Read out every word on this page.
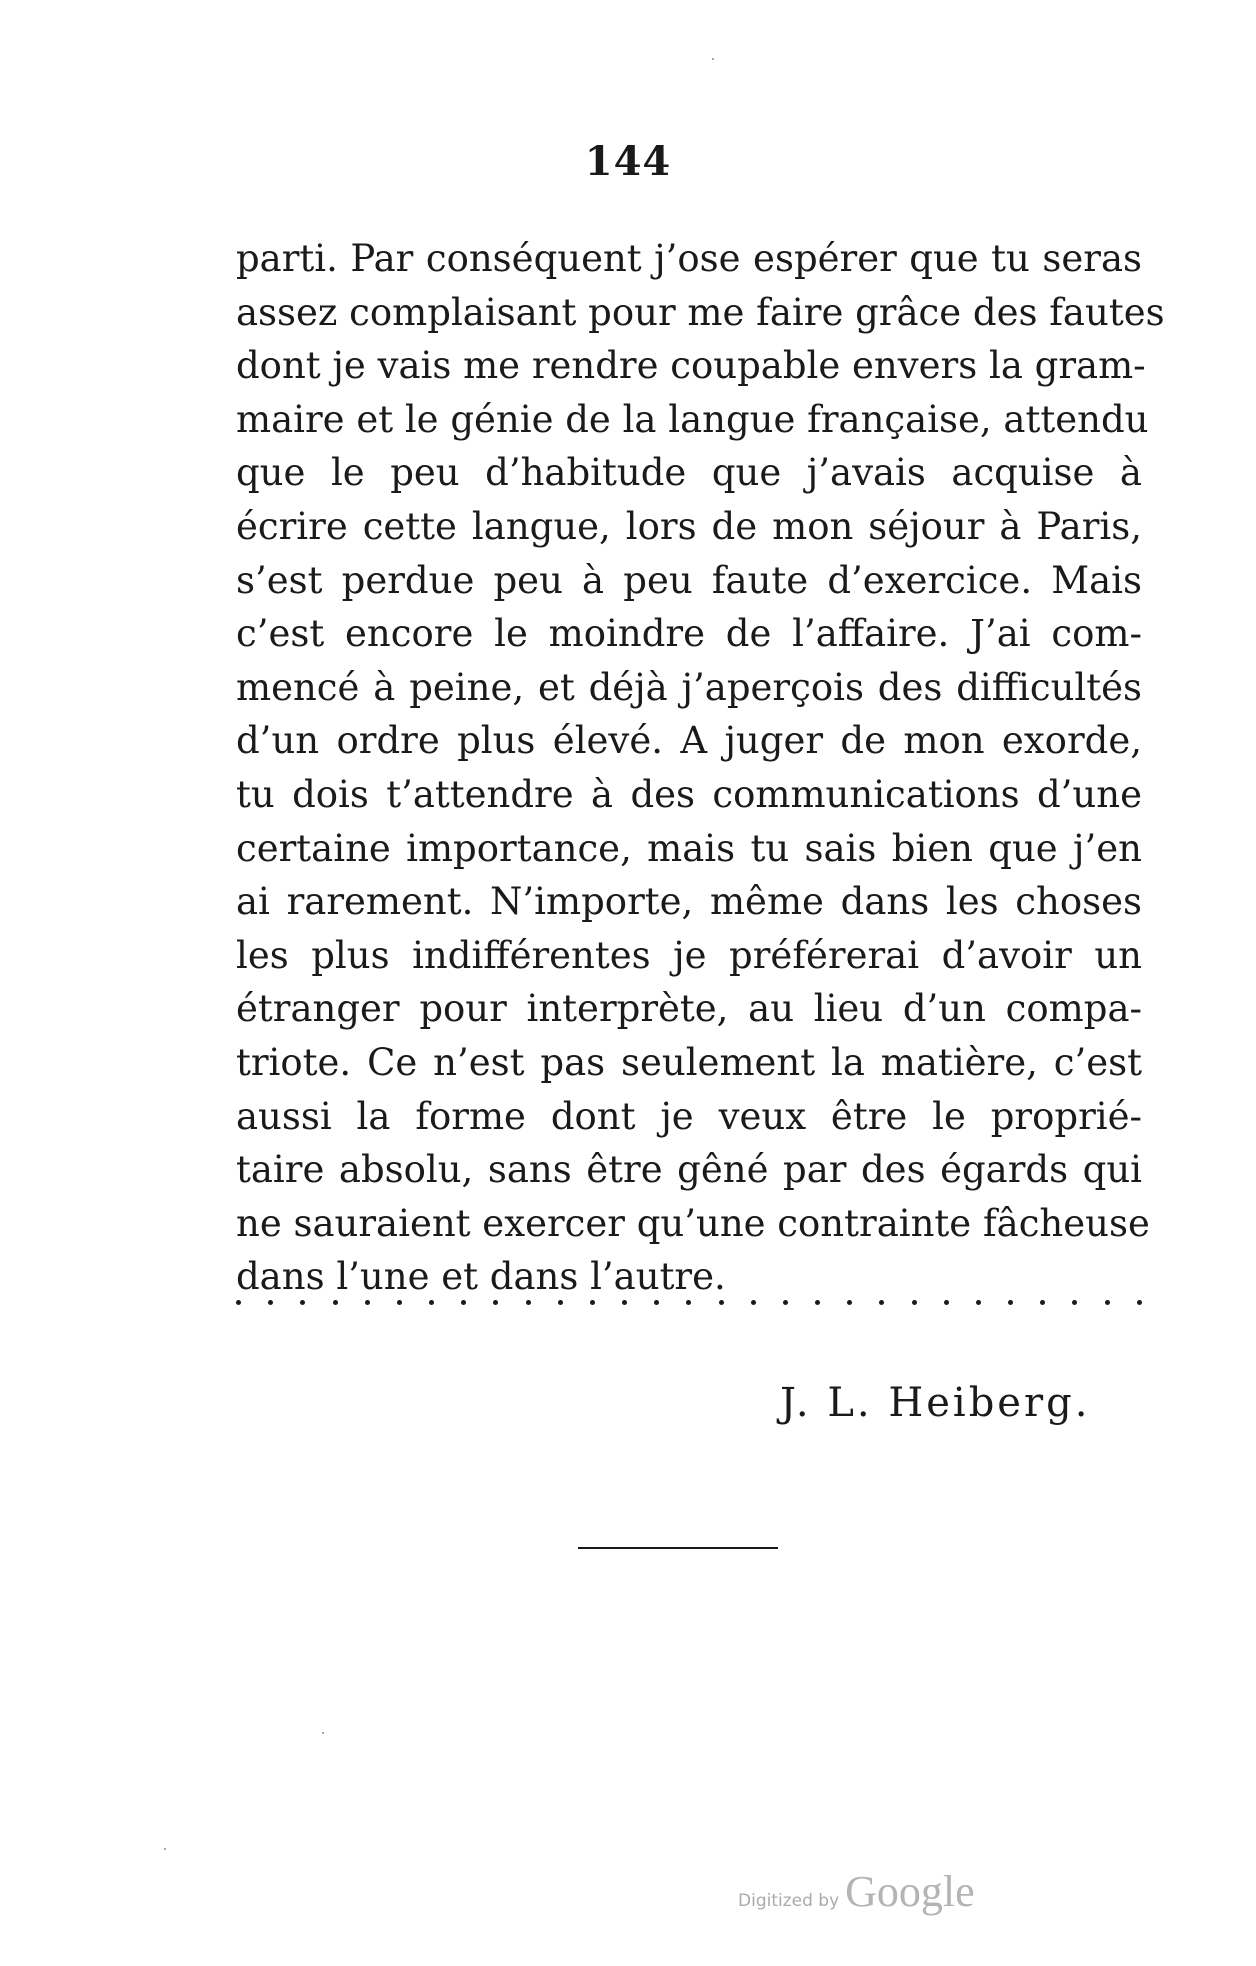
144
parti. Par conséquent j’ose espérer que tu seras
assez complaisant pour me faire grâce des fautes
dont je vais me rendre coupable envers la gram-
maire et le génie de la langue française, attendu
que le peu d’habitude que j’avais acquise à
écrire cette langue, lors de mon séjour à Paris,
s’est perdue peu à peu faute d’exercice. Mais
c’est encore le moindre de l’affaire. J’ai com-
mencé à peine, et déjà j’aperçois des difficultés
d’un ordre plus élevé. A juger de mon exorde,
tu dois t’attendre à des communications d’une
certaine importance, mais tu sais bien que j’en
ai rarement. N’importe, même dans les choses
les plus indifférentes je préférerai d’avoir un
étranger pour interprète, au lieu d’un compa-
triote. Ce n’est pas seulement la matière, c’est
aussi la forme dont je veux être le proprié-
taire absolu, sans être gêné par des égards qui
ne sauraient exercer qu’une contrainte fâcheuse
dans l’une et dans l’autre.
J. L. Heiberg.
Digitized by Google
